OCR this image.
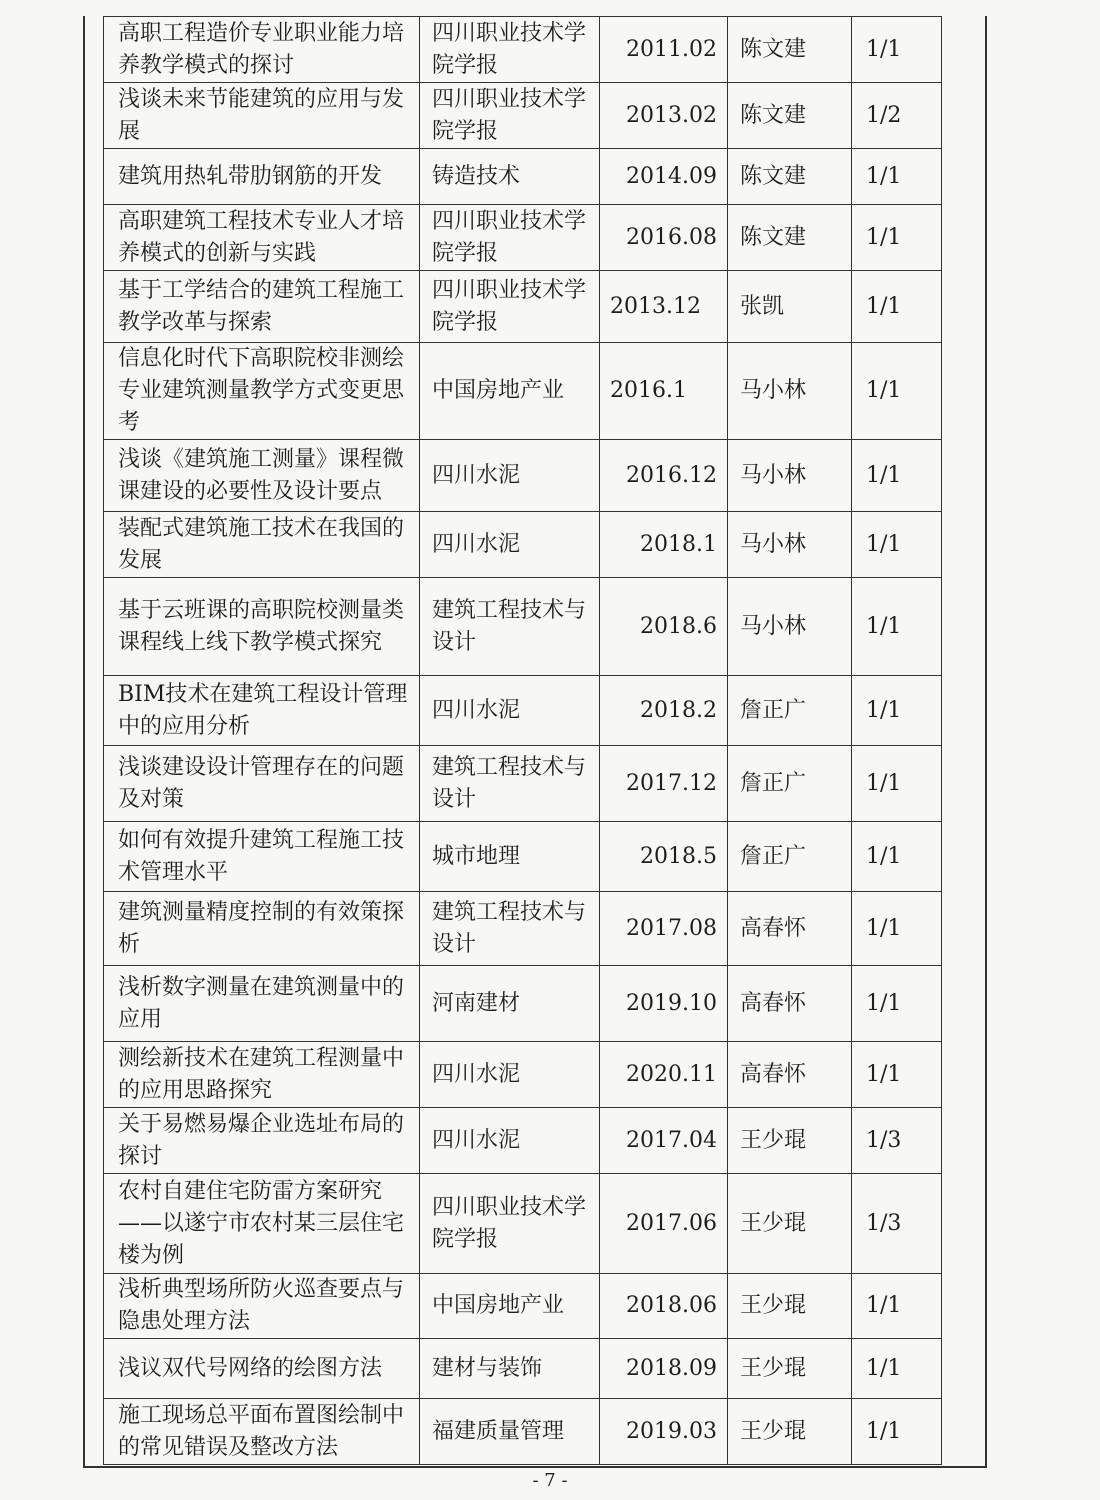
高职工程造价专业职业能力培养教学模式的探讨	四川职业技术学院学报	2011.02	陈文建	1/1	
浅谈未来节能建筑的应用与发展	四川职业技术学院学报	2013.02	陈文建	1/2	
建筑用热轧带肋钢筋的开发	铸造技术	2014.09	陈文建	1/1	
高职建筑工程技术专业人才培养模式的创新与实践	四川职业技术学院学报	2016.08	陈文建	1/1	
基于工学结合的建筑工程施工教学改革与探索	四川职业技术学院学报	2013.12	张凯	1/1	
信息化时代下高职院校非测绘专业建筑测量教学方式变更思考	中国房地产业	2016.1	马小林	1/1	
浅谈《建筑施工测量》课程微课建设的必要性及设计要点	四川水泥	2016.12	马小林	1/1	
装配式建筑施工技术在我国的发展	四川水泥	2018.1	马小林	1/1	
基于云班课的高职院校测量类课程线上线下教学模式探究	建筑工程技术与设计	2018.6	马小林	1/1	
BIM技术在建筑工程设计管理中的应用分析	四川水泥	2018.2	詹正广	1/1	
浅谈建设设计管理存在的问题及对策	建筑工程技术与设计	2017.12	詹正广	1/1	
如何有效提升建筑工程施工技术管理水平	城市地理	2018.5	詹正广	1/1	
建筑测量精度控制的有效策探析	建筑工程技术与设计	2017.08	高春怀	1/1	
浅析数字测量在建筑测量中的应用	河南建材	2019.10	高春怀	1/1	
测绘新技术在建筑工程测量中的应用思路探究	四川水泥	2020.11	高春怀	1/1	
关于易燃易爆企业选址布局的探讨	四川水泥	2017.04	王少琨	1/3	
农村自建住宅防雷方案研究——以遂宁市农村某三层住宅楼为例	四川职业技术学院学报	2017.06	王少琨	1/3	
浅析典型场所防火巡查要点与隐患处理方法	中国房地产业	2018.06	王少琨	1/1	
浅议双代号网络的绘图方法	建材与装饰	2018.09	王少琨	1/1	
施工现场总平面布置图绘制中的常见错误及整改方法	福建质量管理	2019.03	王少琨	1/1	
- 7 -
